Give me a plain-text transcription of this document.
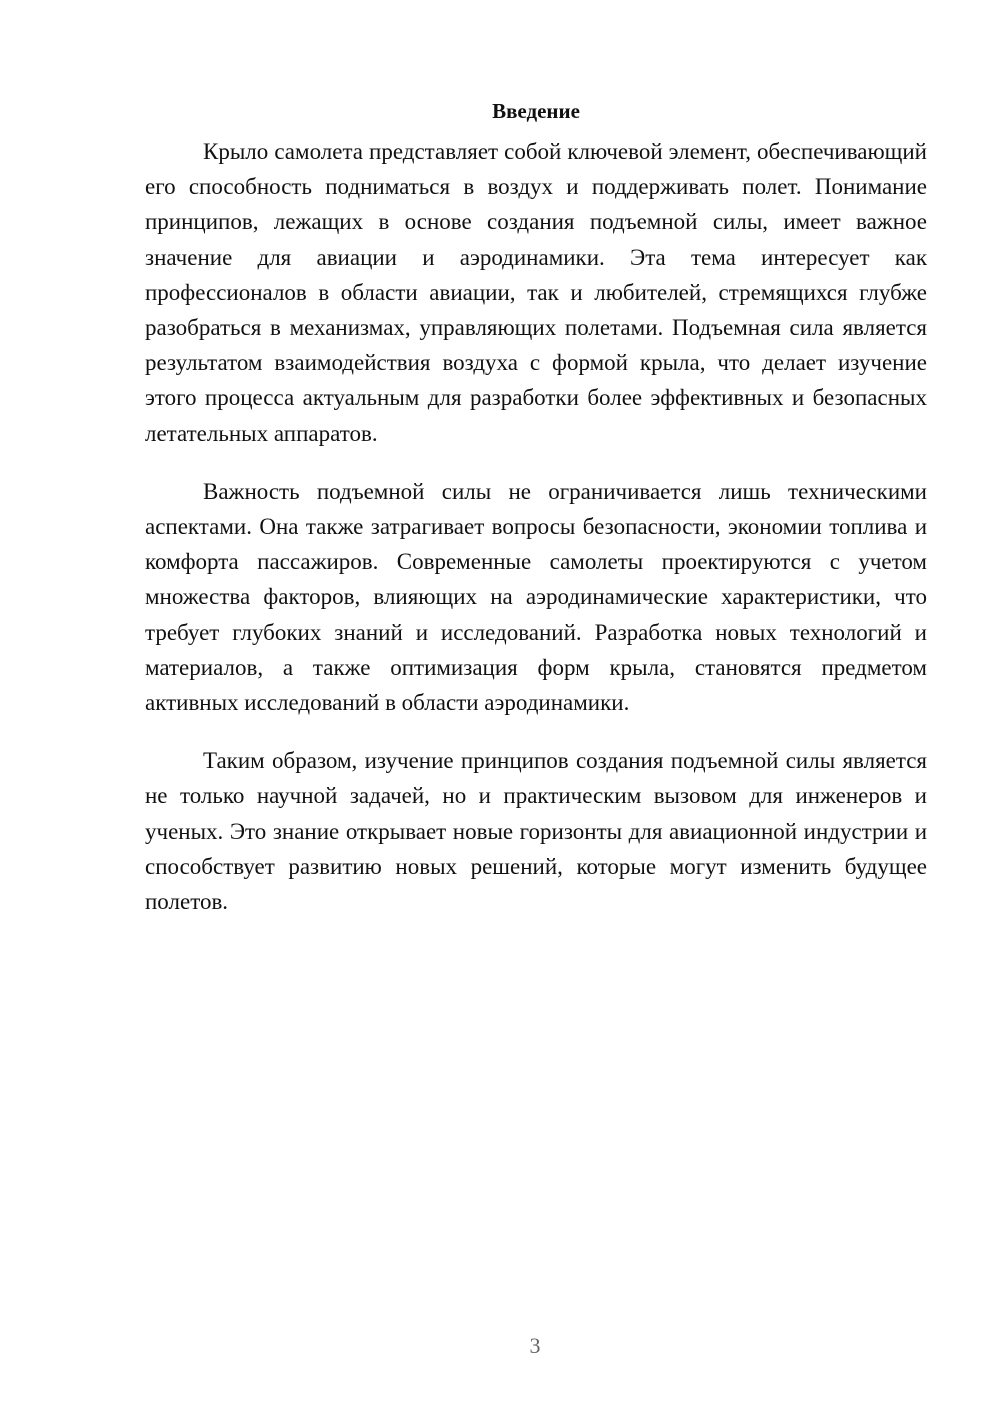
Введение

Крыло самолета представляет собой ключевой элемент, обеспечивающий его способность подниматься в воздух и поддерживать полет. Понимание принципов, лежащих в основе создания подъемной силы, имеет важное значение для авиации и аэродинамики. Эта тема интересует как профессионалов в области авиации, так и любителей, стремящихся глубже разобраться в механизмах, управляющих полетами. Подъемная сила является результатом взаимодействия воздуха с формой крыла, что делает изучение этого процесса актуальным для разработки более эффективных и безопасных летательных аппаратов.

Важность подъемной силы не ограничивается лишь техническими аспектами. Она также затрагивает вопросы безопасности, экономии топлива и комфорта пассажиров. Современные самолеты проектируются с учетом множества факторов, влияющих на аэродинамические характеристики, что требует глубоких знаний и исследований. Разработка новых технологий и материалов, а также оптимизация форм крыла, становятся предметом активных исследований в области аэродинамики.

Таким образом, изучение принципов создания подъемной силы является не только научной задачей, но и практическим вызовом для инженеров и ученых. Это знание открывает новые горизонты для авиационной индустрии и способствует развитию новых решений, которые могут изменить будущее полетов.

3
